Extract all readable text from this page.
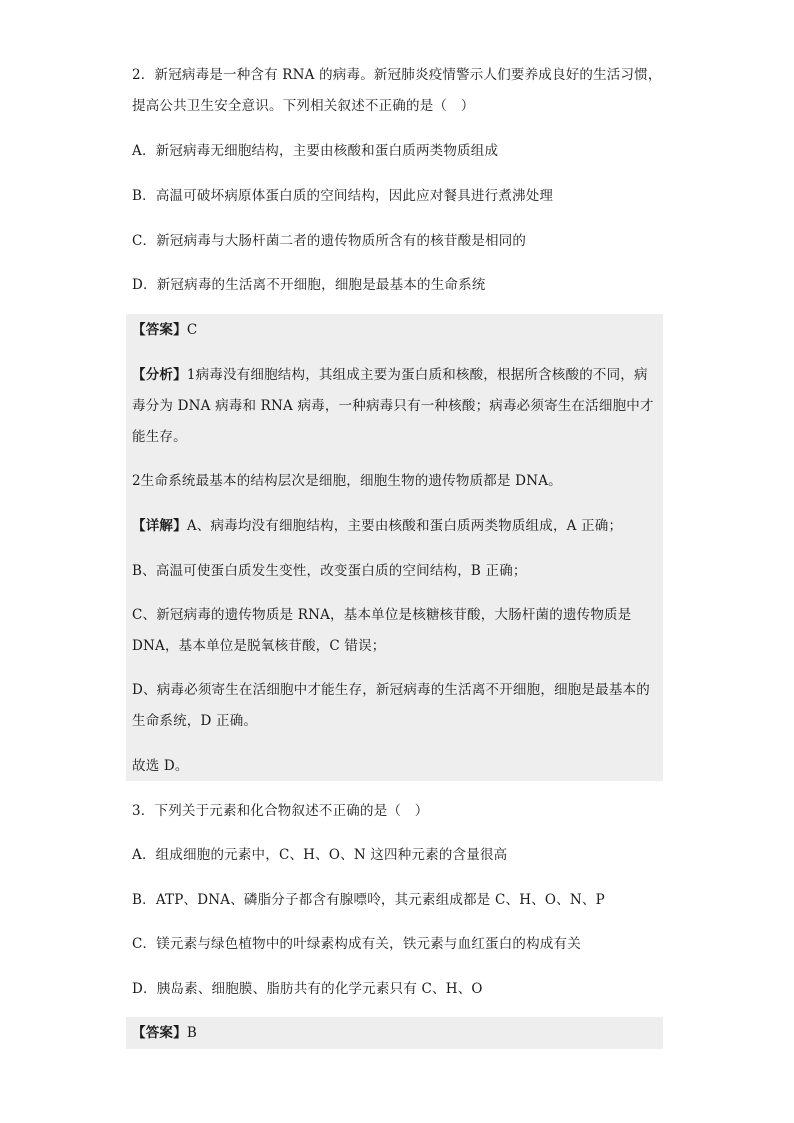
2．新冠病毒是一种含有 RNA 的病毒。新冠肺炎疫情警示人们要养成良好的生活习惯，
提高公共卫生安全意识。下列相关叙述不正确的是（　）
A．新冠病毒无细胞结构，主要由核酸和蛋白质两类物质组成
B．高温可破坏病原体蛋白质的空间结构，因此应对餐具进行煮沸处理
C．新冠病毒与大肠杆菌二者的遗传物质所含有的核苷酸是相同的
D．新冠病毒的生活离不开细胞，细胞是最基本的生命系统
【答案】C
【分析】1病毒没有细胞结构，其组成主要为蛋白质和核酸，根据所含核酸的不同，病
毒分为 DNA 病毒和 RNA 病毒，一种病毒只有一种核酸；病毒必须寄生在活细胞中才
能生存。
2生命系统最基本的结构层次是细胞，细胞生物的遗传物质都是 DNA。
【详解】A、病毒均没有细胞结构，主要由核酸和蛋白质两类物质组成，A 正确；
B、高温可使蛋白质发生变性，改变蛋白质的空间结构，B 正确；
C、新冠病毒的遗传物质是 RNA，基本单位是核糖核苷酸，大肠杆菌的遗传物质是
DNA，基本单位是脱氧核苷酸，C 错误；
D、病毒必须寄生在活细胞中才能生存，新冠病毒的生活离不开细胞，细胞是最基本的
生命系统，D 正确。
故选 D。
3．下列关于元素和化合物叙述不正确的是（　）
A．组成细胞的元素中，C、H、O、N 这四种元素的含量很高
B．ATP、DNA、磷脂分子都含有腺嘌呤，其元素组成都是 C、H、O、N、P
C．镁元素与绿色植物中的叶绿素构成有关，铁元素与血红蛋白的构成有关
D．胰岛素、细胞膜、脂肪共有的化学元素只有 C、H、O
【答案】B
